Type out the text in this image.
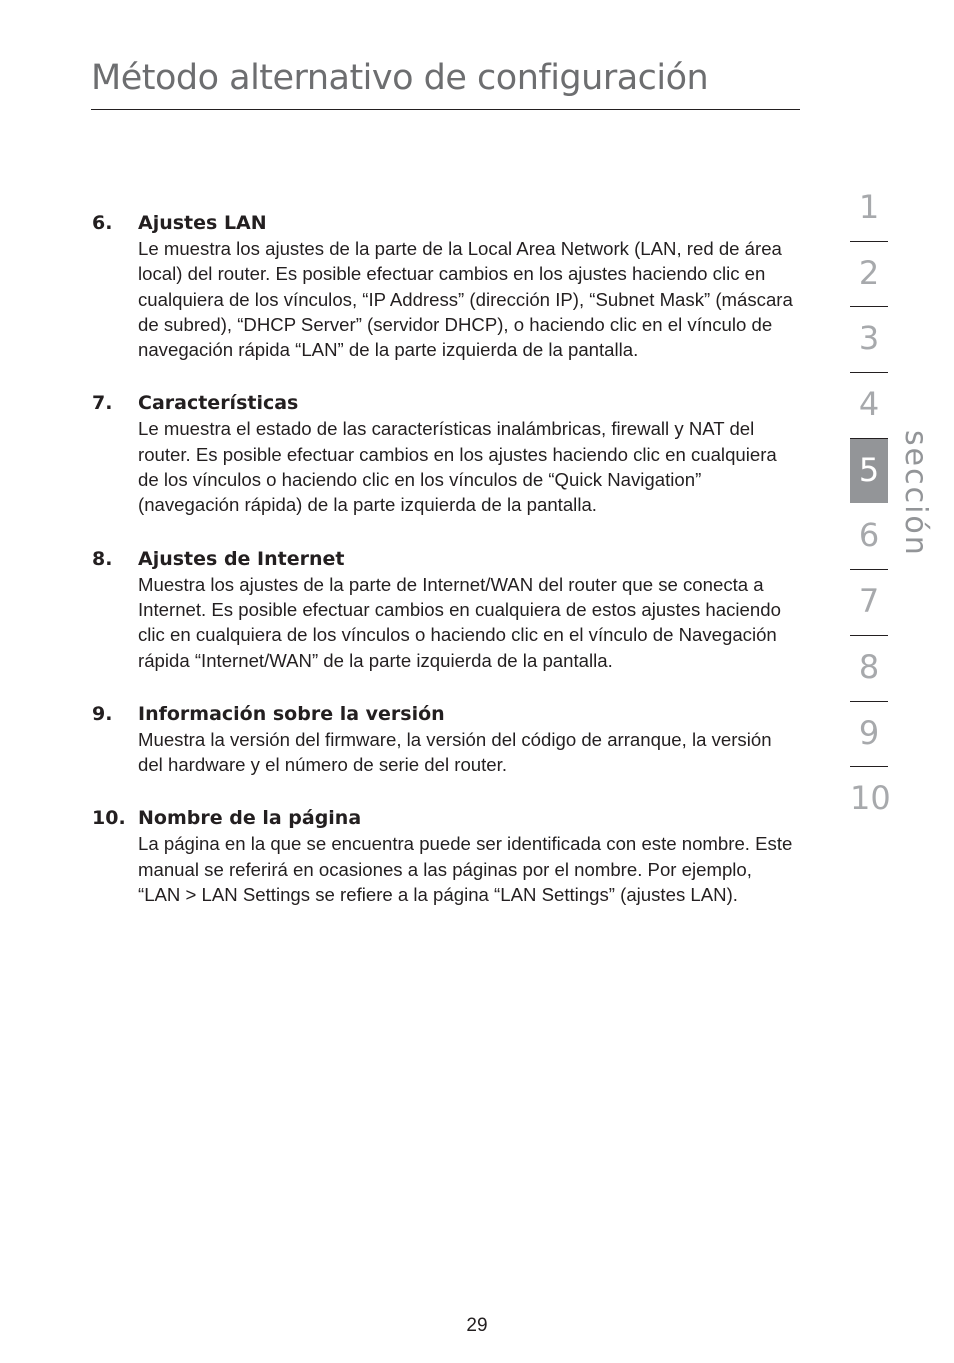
Método alternativo de configuración
6.	Ajustes LAN
Le muestra los ajustes de la parte de la Local Area Network (LAN, red de área local) del router. Es posible efectuar cambios en los ajustes haciendo clic en cualquiera de los vínculos, “IP Address” (dirección IP), “Subnet Mask” (máscara de subred), “DHCP Server” (servidor DHCP), o haciendo clic en el vínculo de navegación rápida “LAN” de la parte izquierda de la pantalla.
7.	Características
Le muestra el estado de las características inalámbricas, firewall y NAT del router. Es posible efectuar cambios en los ajustes haciendo clic en cualquiera de los vínculos o haciendo clic en los vínculos de “Quick Navigation” (navegación rápida) de la parte izquierda de la pantalla.
8.	Ajustes de Internet
Muestra los ajustes de la parte de Internet/WAN del router que se conecta a Internet. Es posible efectuar cambios en cualquiera de estos ajustes haciendo clic en cualquiera de los vínculos o haciendo clic en el vínculo de Navegación rápida “Internet/WAN” de la parte izquierda de la pantalla.
9.	Información sobre la versión
Muestra la versión del firmware, la versión del código de arranque, la versión del hardware y el número de serie del router.
10. Nombre de la página
La página en la que se encuentra puede ser identificada con este nombre. Este manual se referirá en ocasiones a las páginas por el nombre. Por ejemplo, “LAN > LAN Settings se refiere a la página “LAN Settings” (ajustes LAN).
1
2
3
4
5
6
7
8
9
10
sección
29
